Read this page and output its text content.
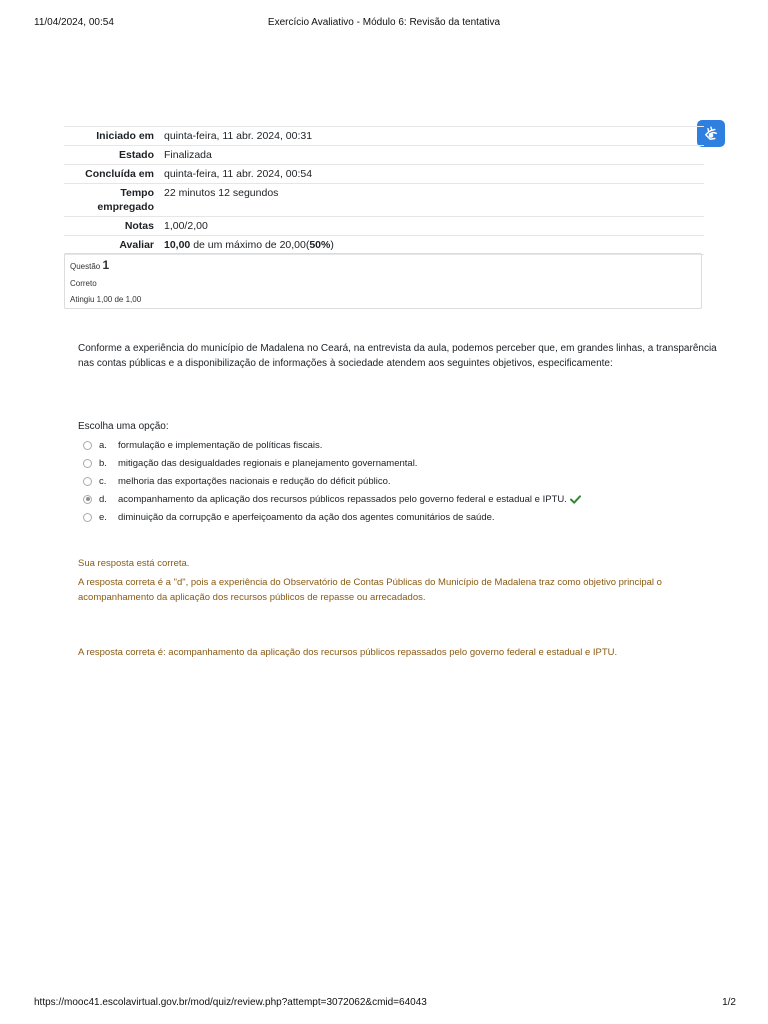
11/04/2024, 00:54	Exercício Avaliativo - Módulo 6: Revisão da tentativa
Iniciado em quinta-feira, 11 abr. 2024, 00:31
Estado Finalizada
Concluída em quinta-feira, 11 abr. 2024, 00:54
Tempo
empregado
22 minutos 12 segundos
Notas 1,00/2,00
Avaliar 10,00 de um máximo de 20,00(50%)
Questão 1
Correto
Atingiu 1,00 de 1,00
Conforme a experiência do município de Madalena no Ceará, na entrevista da aula, podemos perceber que, em grandes linhas, a transparência nas contas públicas e a disponibilização de informações à sociedade atendem aos seguintes objetivos, especificamente:
Escolha uma opção:
a.	formulação e implementação de políticas fiscais.
b.	mitigação das desigualdades regionais e planejamento governamental.
c.	melhoria das exportações nacionais e redução do déficit público.
d.	acompanhamento da aplicação dos recursos públicos repassados pelo governo federal e estadual e IPTU.
e.	diminuição da corrupção e aperfeiçoamento da ação dos agentes comunitários de saúde.
Sua resposta está correta.
A resposta correta é a "d", pois a experiência do Observatório de Contas Públicas do Município de Madalena traz como objetivo principal o acompanhamento da aplicação dos recursos públicos de repasse ou arrecadados.
A resposta correta é: acompanhamento da aplicação dos recursos públicos repassados pelo governo federal e estadual e IPTU.
https://mooc41.escolavirtual.gov.br/mod/quiz/review.php?attempt=3072062&cmid=64043	1/2
